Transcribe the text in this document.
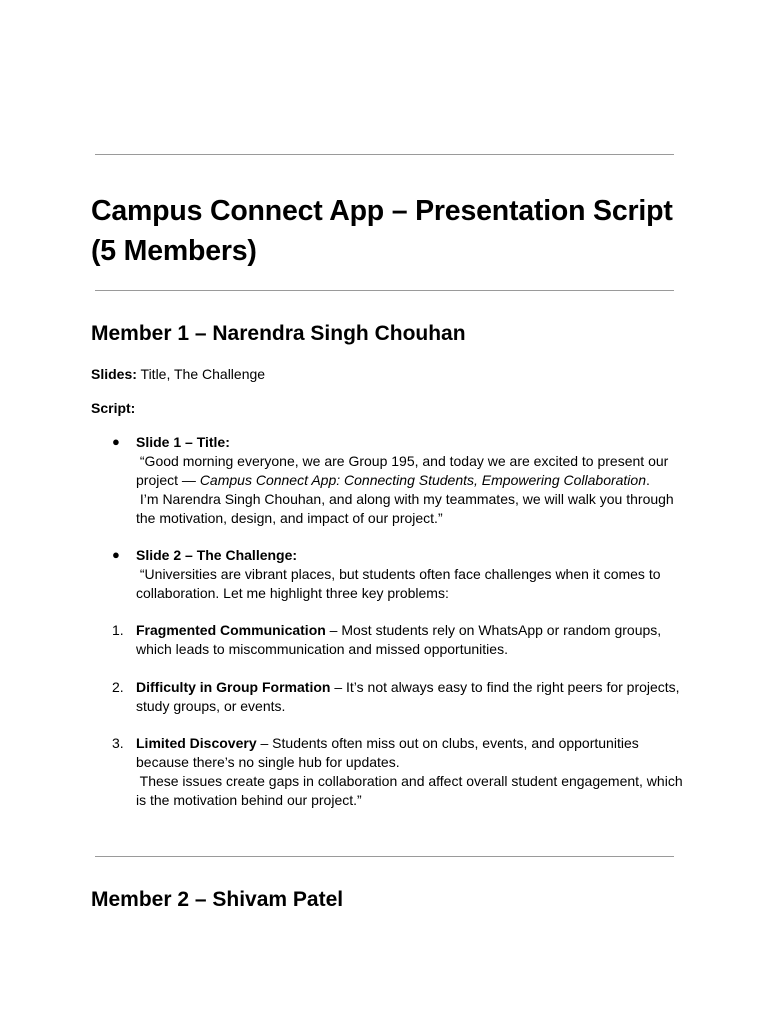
Campus Connect App – Presentation Script (5 Members)
Member 1 – Narendra Singh Chouhan

Slides: Title, The Challenge

Script:

● Slide 1 – Title:
“Good morning everyone, we are Group 195, and today we are excited to present our
project — Campus Connect App: Connecting Students, Empowering Collaboration.
I’m Narendra Singh Chouhan, and along with my teammates, we will walk you through
the motivation, design, and impact of our project.”
● Slide 2 – The Challenge:
“Universities are vibrant places, but students often face challenges when it comes to
collaboration. Let me highlight three key problems:
1. Fragmented Communication – Most students rely on WhatsApp or random groups,
which leads to miscommunication and missed opportunities.
2. Difficulty in Group Formation – It’s not always easy to find the right peers for projects,
study groups, or events.
3. Limited Discovery – Students often miss out on clubs, events, and opportunities
because there’s no single hub for updates.
These issues create gaps in collaboration and affect overall student engagement, which
is the motivation behind our project.”
Member 2 – Shivam Patel
